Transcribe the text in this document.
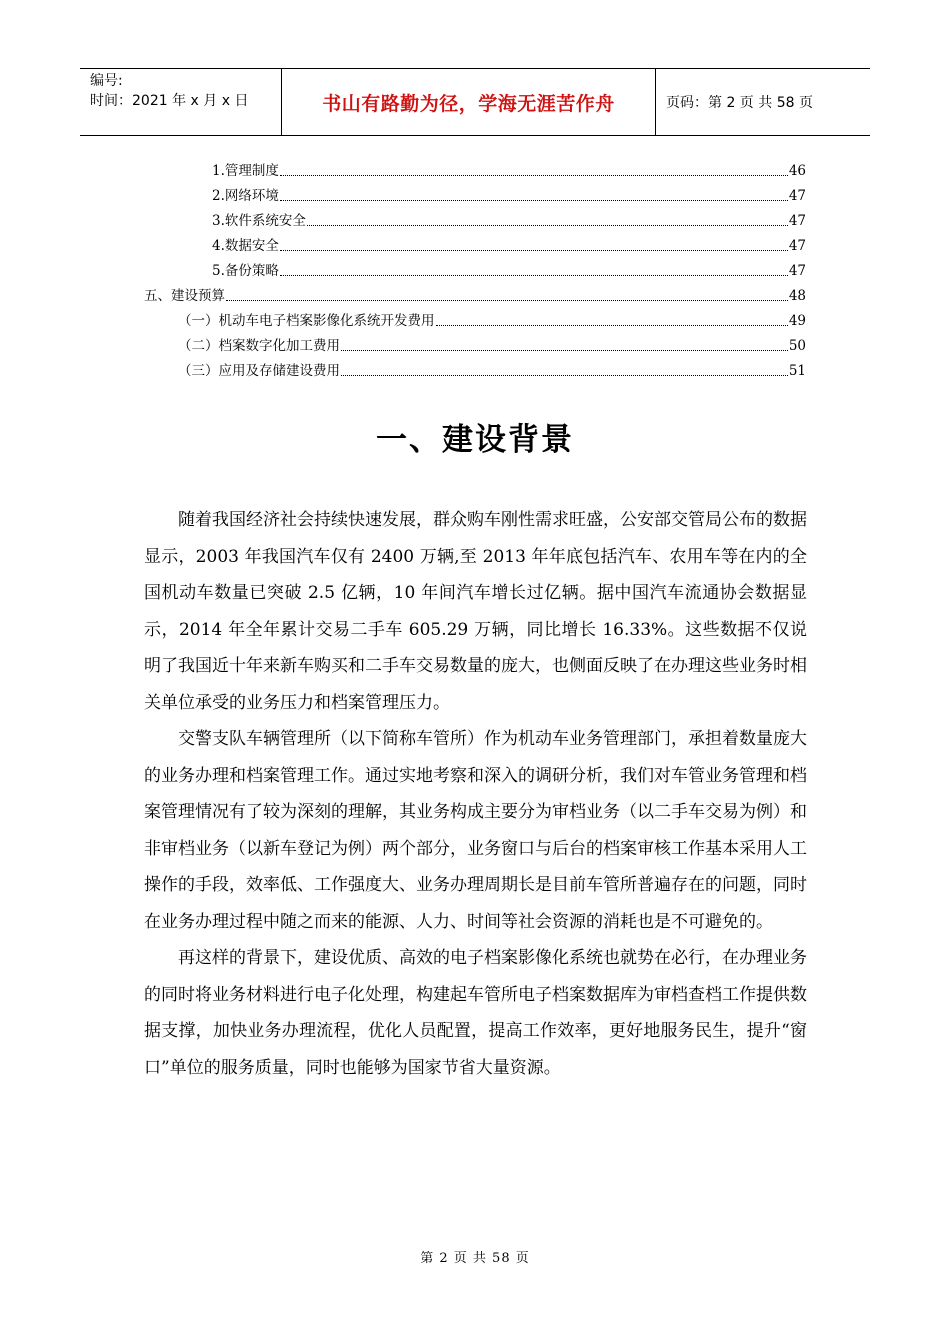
编号:
时间：2021 年 x 月 x 日	书山有路勤为径，学海无涯苦作舟	页码：第 2 页 共 58 页
1.管理制度	46
2.网络环境	47
3.软件系统安全	47
4.数据安全	47
5.备份策略	47
五、建设预算	48
（一）机动车电子档案影像化系统开发费用	49
（二）档案数字化加工费用	50
（三）应用及存储建设费用	51
一、建设背景

随着我国经济社会持续快速发展，群众购车刚性需求旺盛，公安部交管局公布的数据显示，2003 年我国汽车仅有 2400 万辆,至 2013 年年底包括汽车、农用车等在内的全国机动车数量已突破 2.5 亿辆，10 年间汽车增长过亿辆。据中国汽车流通协会数据显示，2014 年全年累计交易二手车 605.29 万辆，同比增长 16.33%。这些数据不仅说明了我国近十年来新车购买和二手车交易数量的庞大，也侧面反映了在办理这些业务时相关单位承受的业务压力和档案管理压力。

交警支队车辆管理所（以下简称车管所）作为机动车业务管理部门，承担着数量庞大的业务办理和档案管理工作。通过实地考察和深入的调研分析，我们对车管业务管理和档案管理情况有了较为深刻的理解，其业务构成主要分为审档业务（以二手车交易为例）和非审档业务（以新车登记为例）两个部分，业务窗口与后台的档案审核工作基本采用人工操作的手段，效率低、工作强度大、业务办理周期长是目前车管所普遍存在的问题，同时在业务办理过程中随之而来的能源、人力、时间等社会资源的消耗也是不可避免的。

再这样的背景下，建设优质、高效的电子档案影像化系统也就势在必行，在办理业务的同时将业务材料进行电子化处理，构建起车管所电子档案数据库为审档查档工作提供数据支撑，加快业务办理流程，优化人员配置，提高工作效率，更好地服务民生，提升“窗口”单位的服务质量，同时也能够为国家节省大量资源。

第 2 页 共 58 页
